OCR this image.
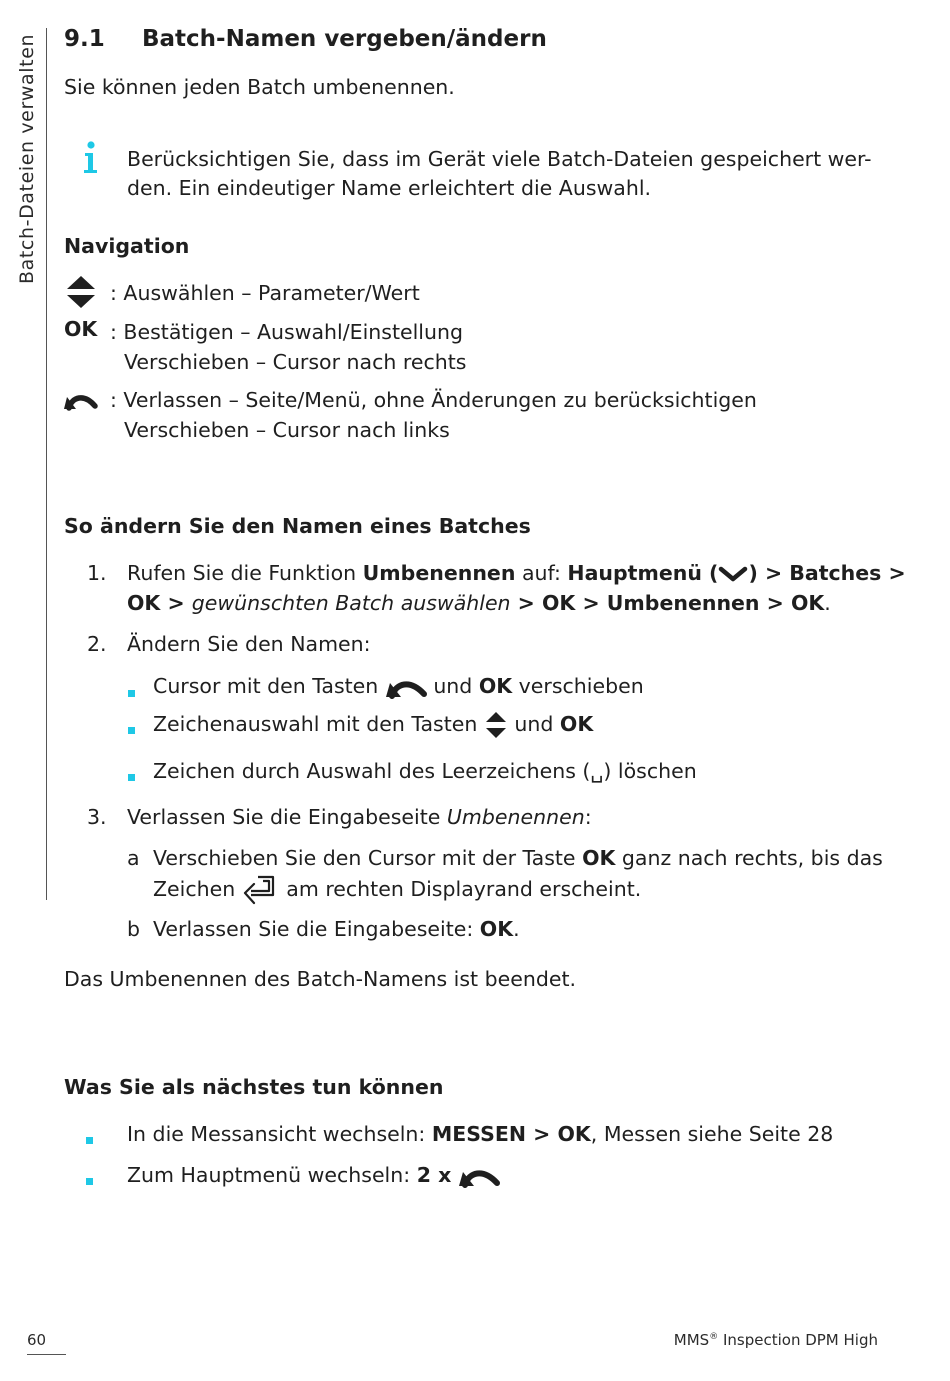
Batch-Dateien verwalten 9.1 Batch-Namen vergeben/ändern
Sie können jeden Batch umbenennen.
Berücksichtigen Sie, dass im Gerät viele Batch-Dateien gespeichert wer-
den. Ein eindeutiger Name erleichtert die Auswahl.
Navigation
: Auswählen – Parameter/Wert
OK : Bestätigen – Auswahl/Einstellung
Verschieben – Cursor nach rechts
: Verlassen – Seite/Menü, ohne Änderungen zu berücksichtigen
Verschieben – Cursor nach links
So ändern Sie den Namen eines Batches
1. Rufen Sie die Funktion Umbenennen auf: Hauptmenü ( ) > Batches >
OK > gewünschten Batch auswählen > OK > Umbenennen > OK.
2. Ändern Sie den Namen:
Cursor mit den Tasten  und OK verschieben
Zeichenauswahl mit den Tasten  und OK
Zeichen durch Auswahl des Leerzeichens (␣) löschen
3. Verlassen Sie die Eingabeseite Umbenennen:
a Verschieben Sie den Cursor mit der Taste OK ganz nach rechts, bis das
Zeichen  am rechten Displayrand erscheint.
b Verlassen Sie die Eingabeseite: OK.
Das Umbenennen des Batch-Namens ist beendet.
Was Sie als nächstes tun können
In die Messansicht wechseln: MESSEN > OK, Messen siehe Seite 28
Zum Hauptmenü wechseln: 2 x
60	MMS® Inspection DPM High
